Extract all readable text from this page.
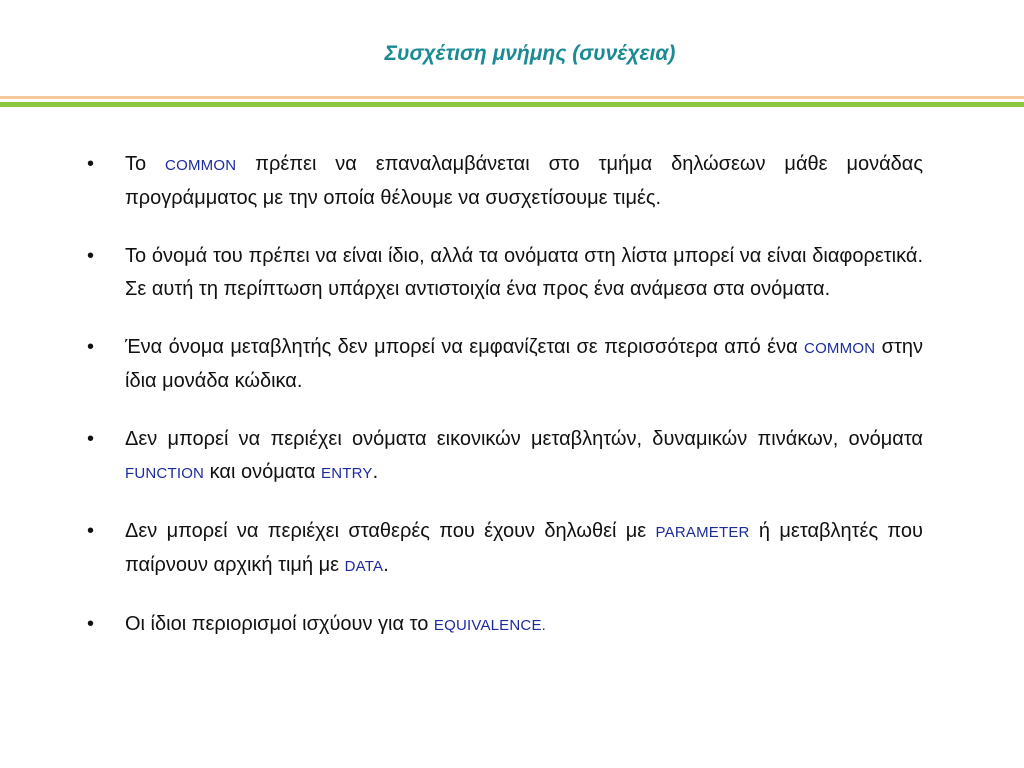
Συσχέτιση μνήμης (συνέχεια)
• Το COMMON πρέπει να επαναλαμβάνεται στο τμήμα δηλώσεων μάθε μονάδας προγράμματος με την οποία θέλουμε να συσχετίσουμε τιμές.
• Το όνομά του πρέπει να είναι ίδιο, αλλά τα ονόματα στη λίστα μπορεί να είναι διαφορετικά. Σε αυτή τη περίπτωση υπάρχει αντιστοιχία ένα προς ένα ανάμεσα στα ονόματα.
• Ένα όνομα μεταβλητής δεν μπορεί να εμφανίζεται σε περισσότερα από ένα COMMON στην ίδια μονάδα κώδικα.
• Δεν μπορεί να περιέχει ονόματα εικονικών μεταβλητών, δυναμικών πινάκων, ονόματα FUNCTION και ονόματα ENTRY.
• Δεν μπορεί να περιέχει σταθερές που έχουν δηλωθεί με PARAMETER ή μεταβλητές που παίρνουν αρχική τιμή με DATA.
• Οι ίδιοι περιορισμοί ισχύουν για το EQUIVALENCE.
